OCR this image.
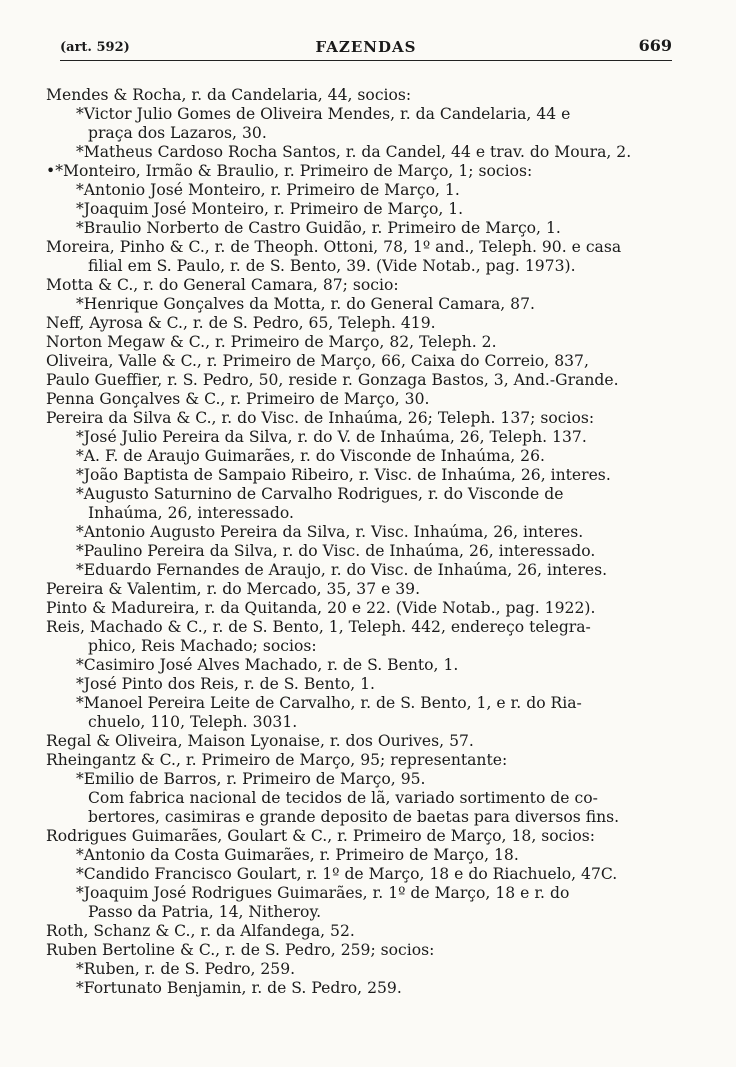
(art. 592)	FAZENDAS	669
Mendes & Rocha, r. da Candelaria, 44, socios:
*Victor Julio Gomes de Oliveira Mendes, r. da Candelaria, 44 e
praça dos Lazaros, 30.
*Matheus Cardoso Rocha Santos, r. da Candel, 44 e trav. do Moura, 2.
•*Monteiro, Irmão & Braulio, r. Primeiro de Março, 1; socios:
*Antonio José Monteiro, r. Primeiro de Março, 1.
*Joaquim José Monteiro, r. Primeiro de Março, 1.
*Braulio Norberto de Castro Guidão, r. Primeiro de Março, 1.
Moreira, Pinho & C., r. de Theoph. Ottoni, 78, 1º and., Teleph. 90. e casa
filial em S. Paulo, r. de S. Bento, 39. (Vide Notab., pag. 1973).
Motta & C., r. do General Camara, 87; socio:
*Henrique Gonçalves da Motta, r. do General Camara, 87.
Neff, Ayrosa & C., r. de S. Pedro, 65, Teleph. 419.
Norton Megaw & C., r. Primeiro de Março, 82, Teleph. 2.
Oliveira, Valle & C., r. Primeiro de Março, 66, Caixa do Correio, 837,
Paulo Gueffier, r. S. Pedro, 50, reside r. Gonzaga Bastos, 3, And.-Grande.
Penna Gonçalves & C., r. Primeiro de Março, 30.
Pereira da Silva & C., r. do Visc. de Inhaúma, 26; Teleph. 137; socios:
*José Julio Pereira da Silva, r. do V. de Inhaúma, 26, Teleph. 137.
*A. F. de Araujo Guimarães, r. do Visconde de Inhaúma, 26.
*João Baptista de Sampaio Ribeiro, r. Visc. de Inhaúma, 26, interes.
*Augusto Saturnino de Carvalho Rodrigues, r. do Visconde de
Inhaúma, 26, interessado.
*Antonio Augusto Pereira da Silva, r. Visc. Inhaúma, 26, interes.
*Paulino Pereira da Silva, r. do Visc. de Inhaúma, 26, interessado.
*Eduardo Fernandes de Araujo, r. do Visc. de Inhaúma, 26, interes.
Pereira & Valentim, r. do Mercado, 35, 37 e 39.
Pinto & Madureira, r. da Quitanda, 20 e 22. (Vide Notab., pag. 1922).
Reis, Machado & C., r. de S. Bento, 1, Teleph. 442, endereço telegra-
phico, Reis Machado; socios:
*Casimiro José Alves Machado, r. de S. Bento, 1.
*José Pinto dos Reis, r. de S. Bento, 1.
*Manoel Pereira Leite de Carvalho, r. de S. Bento, 1, e r. do Ria-
chuelo, 110, Teleph. 3031.
Regal & Oliveira, Maison Lyonaise, r. dos Ourives, 57.
Rheingantz & C., r. Primeiro de Março, 95; representante:
*Emilio de Barros, r. Primeiro de Março, 95.
Com fabrica nacional de tecidos de lã, variado sortimento de co-
bertores, casimiras e grande deposito de baetas para diversos fins.
Rodrigues Guimarães, Goulart & C., r. Primeiro de Março, 18, socios:
*Antonio da Costa Guimarães, r. Primeiro de Março, 18.
*Candido Francisco Goulart, r. 1º de Março, 18 e do Riachuelo, 47C.
*Joaquim José Rodrigues Guimarães, r. 1º de Março, 18 e r. do
Passo da Patria, 14, Nitheroy.
Roth, Schanz & C., r. da Alfandega, 52.
Ruben Bertoline & C., r. de S. Pedro, 259; socios:
*Ruben, r. de S. Pedro, 259.
*Fortunato Benjamin, r. de S. Pedro, 259.
